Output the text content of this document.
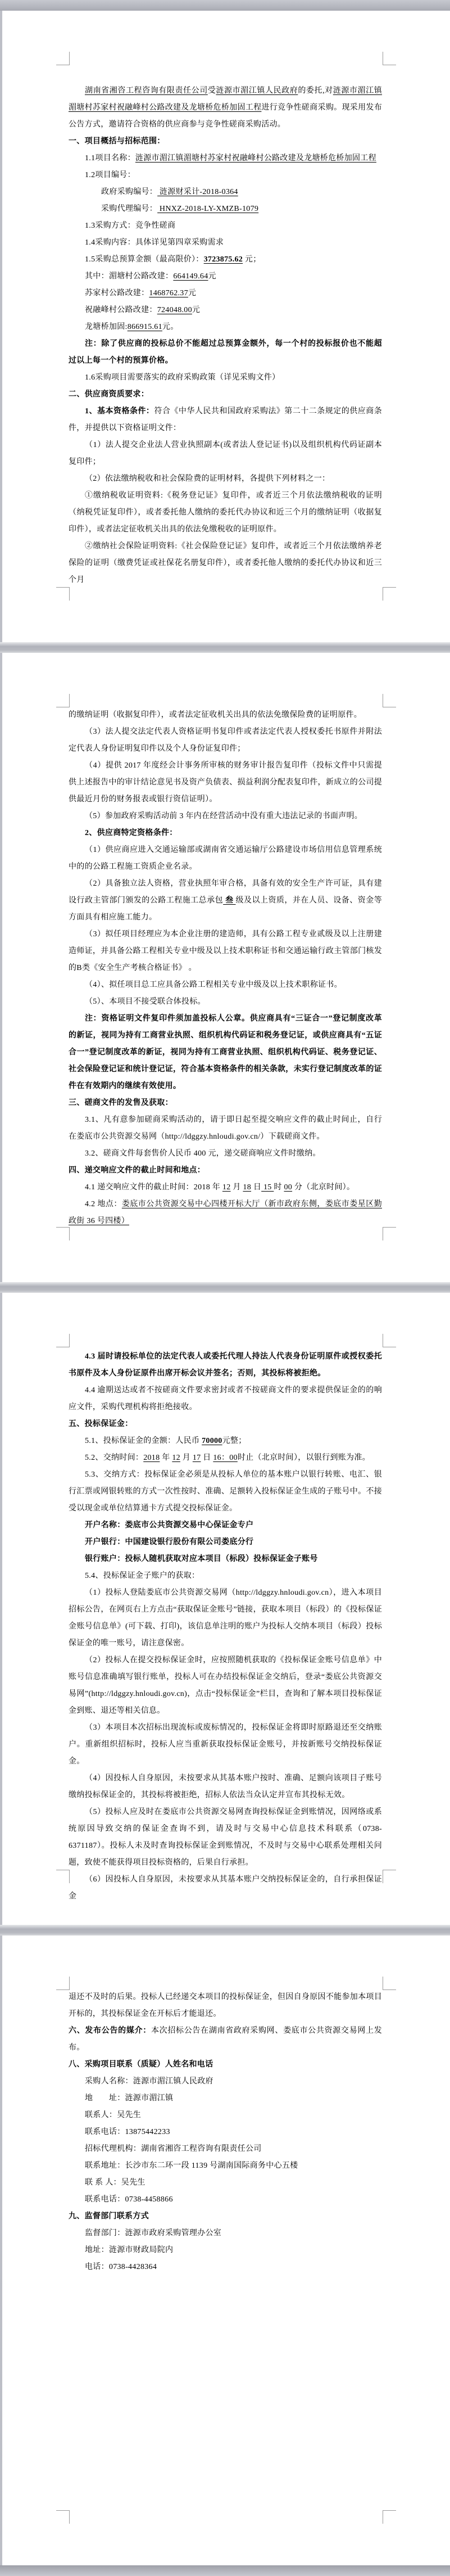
湖南省湘咨工程咨询有限责任公司受涟源市湄江镇人民政府的委托,对涟源市湄江镇湄塘村苏家村祝融峰村公路改建及龙塘桥危桥加固工程进行竞争性磋商采购。现采用发布公告方式，邀请符合资格的供应商参与竞争性磋商采购活动。
一、项目概括与招标范围：
1.1项目名称：涟源市湄江镇湄塘村苏家村祝融峰村公路改建及龙塘桥危桥加固工程
1.2项目编号：
政府采购编号： 涟源财采计-2018-0364
采购代理编号： HNXZ-2018-LY-XMZB-1079
1.3采购方式：竞争性磋商
1.4采购内容：具体详见第四章采购需求
1.5采购总预算金额（最高限价）：3723875.62 元；
其中：湄塘村公路改建：664149.64元
苏家村公路改建：1468762.37元
祝融峰村公路改建：724048.00元
龙塘桥加固:866915.61元。
注：除了供应商的投标总价不能超过总预算金额外，每一个村的投标报价也不能超过以上每一个村的预算价格。
1.6采购项目需要落实的政府采购政策（详见采购文件）
二、供应商资质要求：
1、基本资格条件：符合《中华人民共和国政府采购法》第二十二条规定的供应商条件，并提供以下资格证明文件：
（1）法人提交企业法人营业执照副本(或者法人登记证书)以及组织机构代码证副本复印件；
（2）依法缴纳税收和社会保险费的证明材料，各提供下列材料之一：
①缴纳税收证明资料:《税务登记证》复印件，或者近三个月依法缴纳税收的证明（纳税凭证复印件），或者委托他人缴纳的委托代办协议和近三个月的缴纳证明（收据复印件），或者法定征收机关出具的依法免缴税收的证明原件。
②缴纳社会保险证明资料:《社会保险登记证》复印件，或者近三个月依法缴纳养老保险的证明（缴费凭证或社保花名册复印件），或者委托他人缴纳的委托代办协议和近三个月
的缴纳证明（收据复印件），或者法定征收机关出具的依法免缴保险费的证明原件。
（3）法人提交法定代表人资格证明书复印件或者法定代表人授权委托书原件并附法定代表人身份证明复印件以及个人身份证复印件；
（4）提供 2017 年度经会计事务所审核的财务审计报告复印件（投标文件中只需提供上述报告中的审计结论意见书及资产负债表、损益利润分配表复印件，新成立的公司提供最近月份的财务报表或银行资信证明）。
（5）参加政府采购活动前 3 年内在经营活动中没有重大违法记录的书面声明。
2、供应商特定资格条件：
（1）供应商应进入交通运输部或湖南省交通运输厅公路建设市场信用信息管理系统中的的公路工程施工资质企业名录。
（2）具备独立法人资格，营业执照年审合格，具备有效的安全生产许可证，具有建设行政主管部门颁发的公路工程施工总承包 叁 级及以上资质，并在人员、设备、资金等方面具有相应施工能力。
（3）拟任项目经理应为本企业注册的建造师，具有公路工程专业贰级及以上注册建造师证，并具备公路工程相关专业中级及以上技术职称证书和交通运输行政主管部门核发的B类《安全生产考核合格证书》 。
（4）、拟任项目总工应具备公路工程相关专业中级及以上技术职称证书。
（5）、本项目不接受联合体投标。
注：资格证明文件复印件须加盖投标人公章。供应商具有“三证合一”登记制度改革的新证，视同为持有工商营业执照、组织机构代码证和税务登记证，或供应商具有“五证合一”登记制度改革的新证，视同为持有工商营业执照、组织机构代码证、税务登记证、社会保险登记证和统计登记证，符合基本资格条件的相关条款，未实行登记制度改革的证件在有效期内的继续有效使用。
三、磋商文件的发售及获取：
3.1、凡有意参加磋商采购活动的，请于即日起至提交响应文件的截止时间止，自行在娄底市公共资源交易网（http://ldggzy.hnloudi.gov.cn/）下载磋商文件。
3.2、磋商文件每套售价人民币 400 元，递交磋商响应文件时缴纳。
四、递交响应文件的截止时间和地点：
4.1 递交响应文件的截止时间：2018 年 12 月 18 日 15 时 00 分（北京时间）。
4.2 地点：娄底市公共资源交易中心四楼开标大厅（新市政府东侧，娄底市娄星区勤政街 36 号四楼）
4.3 届时请投标单位的法定代表人或委托代理人持法人代表身份证明原件或授权委托书原件及本人身份证原件出席开标会议并签名；否则，其投标将被拒绝。
4.4 逾期送达或者不按磋商文件要求密封或者不按磋商文件的要求提供保证金的的响应文件，采购代理机构将拒绝接收。
五、投标保证金：
5.1、投标保证金的金额：人民币 70000元整；
5.2、交纳时间：2018 年 12 月 17 日 16：00时止（北京时间），以银行到账为准。
5.3、交纳方式：投标保证金必须是从投标人单位的基本账户以银行转账、电汇、银行汇票或网银转账的方式一次性按时、准确、足额转入投标保证金生成的子账号中。不接受以现金或单位结算通卡方式提交投标保证金。
开户名称：娄底市公共资源交易中心保证金专户
开户银行：中国建设银行股份有限公司娄底分行
银行账户：投标人随机获取对应本项目（标段）投标保证金子账号
5.4、投标保证金子账户的获取：
（1）投标人登陆娄底市公共资源交易网（http://ldggzy.hnloudi.gov.cn），进入本项目招标公告，在网页右上方点击“获取保证金账号”链接，获取本项目（标段）的《投标保证金账号信息单》(可下载、打印)，该信息单注明的账户为投标人交纳本项目（标段）投标保证金的唯一账号，请注意保密。
（2）投标人在提交投标保证金时，应按照随机获取的《投标保证金账号信息单》中账号信息准确填写银行账单，投标人可在办结投标保证金交纳后，登录“娄底公共资源交易网”(http://ldggzy.hnloudi.gov.cn)，点击“投标保证金”栏目，查询和了解本项目投标保证金到账、退还等相关信息。
（3）本项目本次招标出现流标或废标情况的，投标保证金将即时原路退还至交纳账户。重新组织招标时，投标人应当重新获取投标保证金账号，并按新账号交纳投标保证金。
（4）因投标人自身原因，未按要求从其基本账户按时、准确、足额向该项目子账号缴纳投标保证金的，其投标将被拒绝，招标人依法当众认定并宣布其投标无效。
（5）投标人应及时在娄底市公共资源交易网查询投标保证金到账情况，因网络或系统原因导致交纳的保证金查询不到，请及时与交易中心信息技术科联系（0738-6371187）。投标人未及时查询投标保证金到账情况，不及时与交易中心联系处理相关问题，致使不能获得项目投标资格的，后果自行承担。
（6）因投标人自身原因，未按要求从其基本账户交纳投标保证金的，自行承担保证金
退还不及时的后果。投标人已经递交本项目的投标保证金，但因自身原因不能参加本项目开标的，其投标保证金在开标后才能退还。
六、发布公告的媒介：本次招标公告在湖南省政府采购网、娄底市公共资源交易网上发布。
八、采购项目联系（质疑）人姓名和电话
采购人名称：涟源市湄江镇人民政府
地　　址：涟源市湄江镇
联系人：吴先生
联系电话：13875442233
招标代理机构：湖南省湘咨工程咨询有限责任公司
联系地址：长沙市东二环一段 1139 号湖南国际商务中心五楼
联 系 人：吴先生
联系电话：0738-4458866
九、监督部门联系方式
监督部门：涟源市政府采购管理办公室
地址：涟源市财政局院内
电话：0738-4428364
